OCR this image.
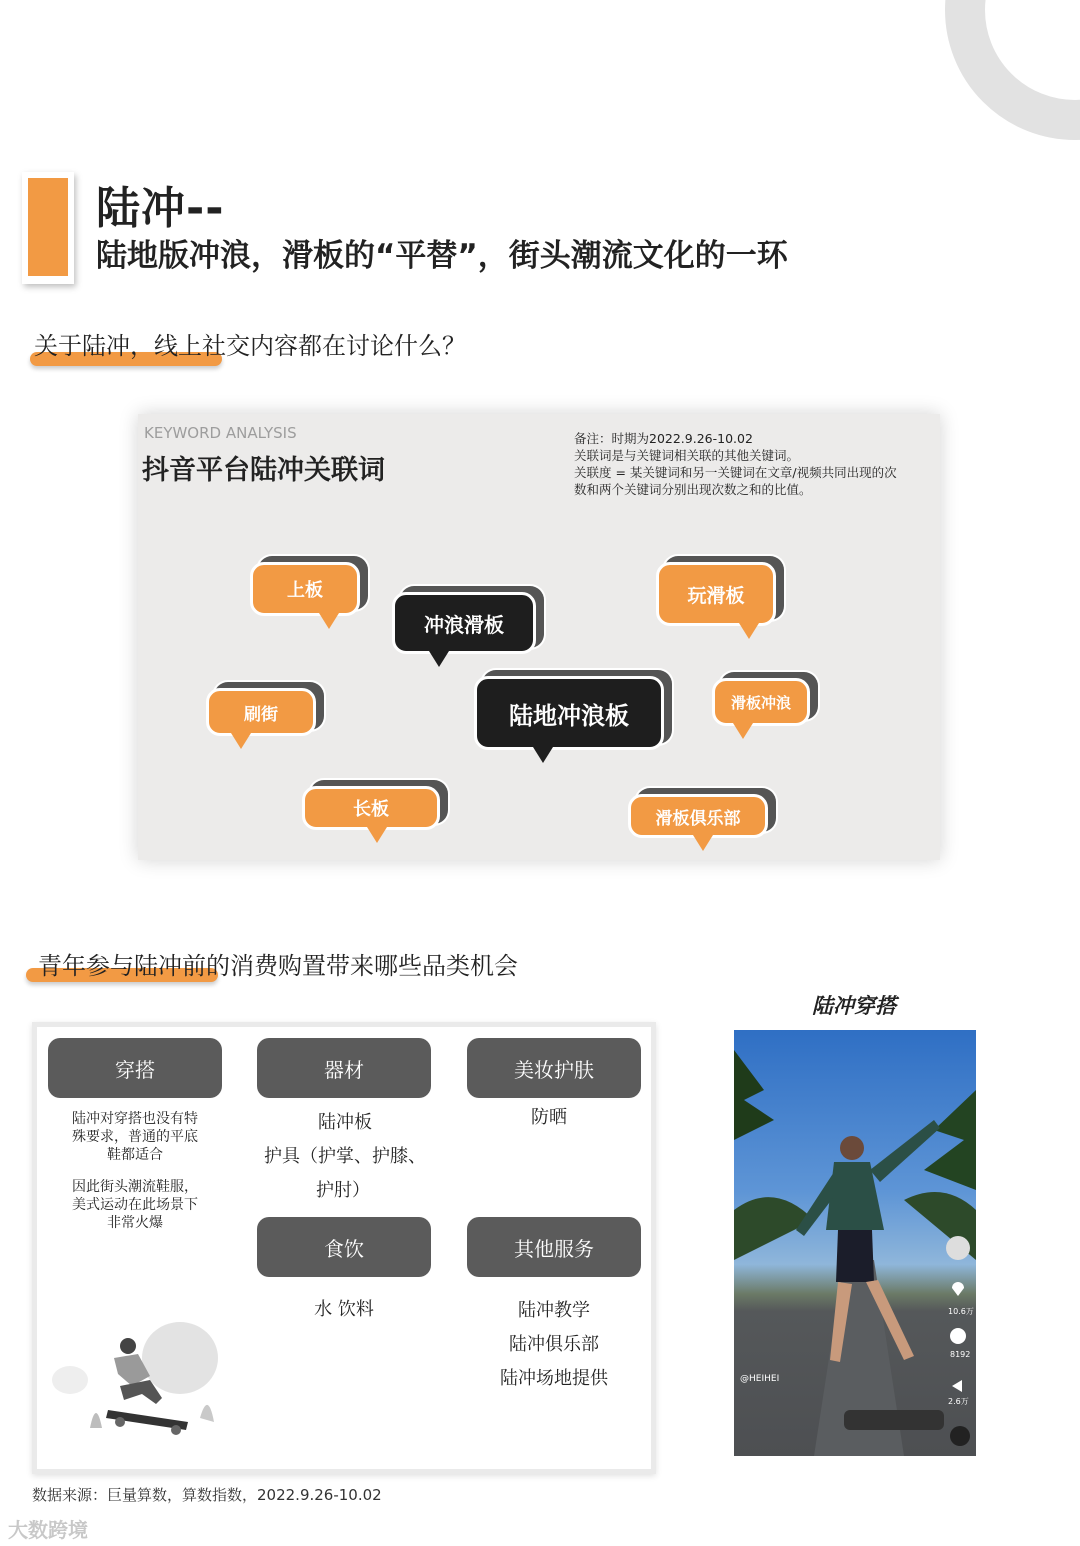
陆冲--
陆地版冲浪，滑板的“平替”，街头潮流文化的一环
关于陆冲，线上社交内容都在讨论什么？
KEYWORD ANALYSIS
抖音平台陆冲关联词
备注：时期为2022.9.26-10.02
关联词是与关键词相关联的其他关键词。
关联度 = 某关键词和另一关键词在文章/视频共同出现的次
数和两个关键词分别出现次数之和的比值。
上板
冲浪滑板
玩滑板
刷街	陆地冲浪板	滑板冲浪
长板	滑板俱乐部
青年参与陆冲前的消费购置带来哪些品类机会
穿搭	器材	美妆护肤
食饮	其他服务
陆冲对穿搭也没有特
殊要求，普通的平底
鞋都适合
因此街头潮流鞋服，
美式运动在此场景下
非常火爆
陆冲板
护具（护掌、护膝、
护肘）
防晒
水 饮料	陆冲教学
陆冲俱乐部
陆冲场地提供
数据来源：巨量算数，算数指数，2022.9.26-10.02
大数跨境
陆冲穿搭
@HEIHEI
10.6万
8192
2.6万
